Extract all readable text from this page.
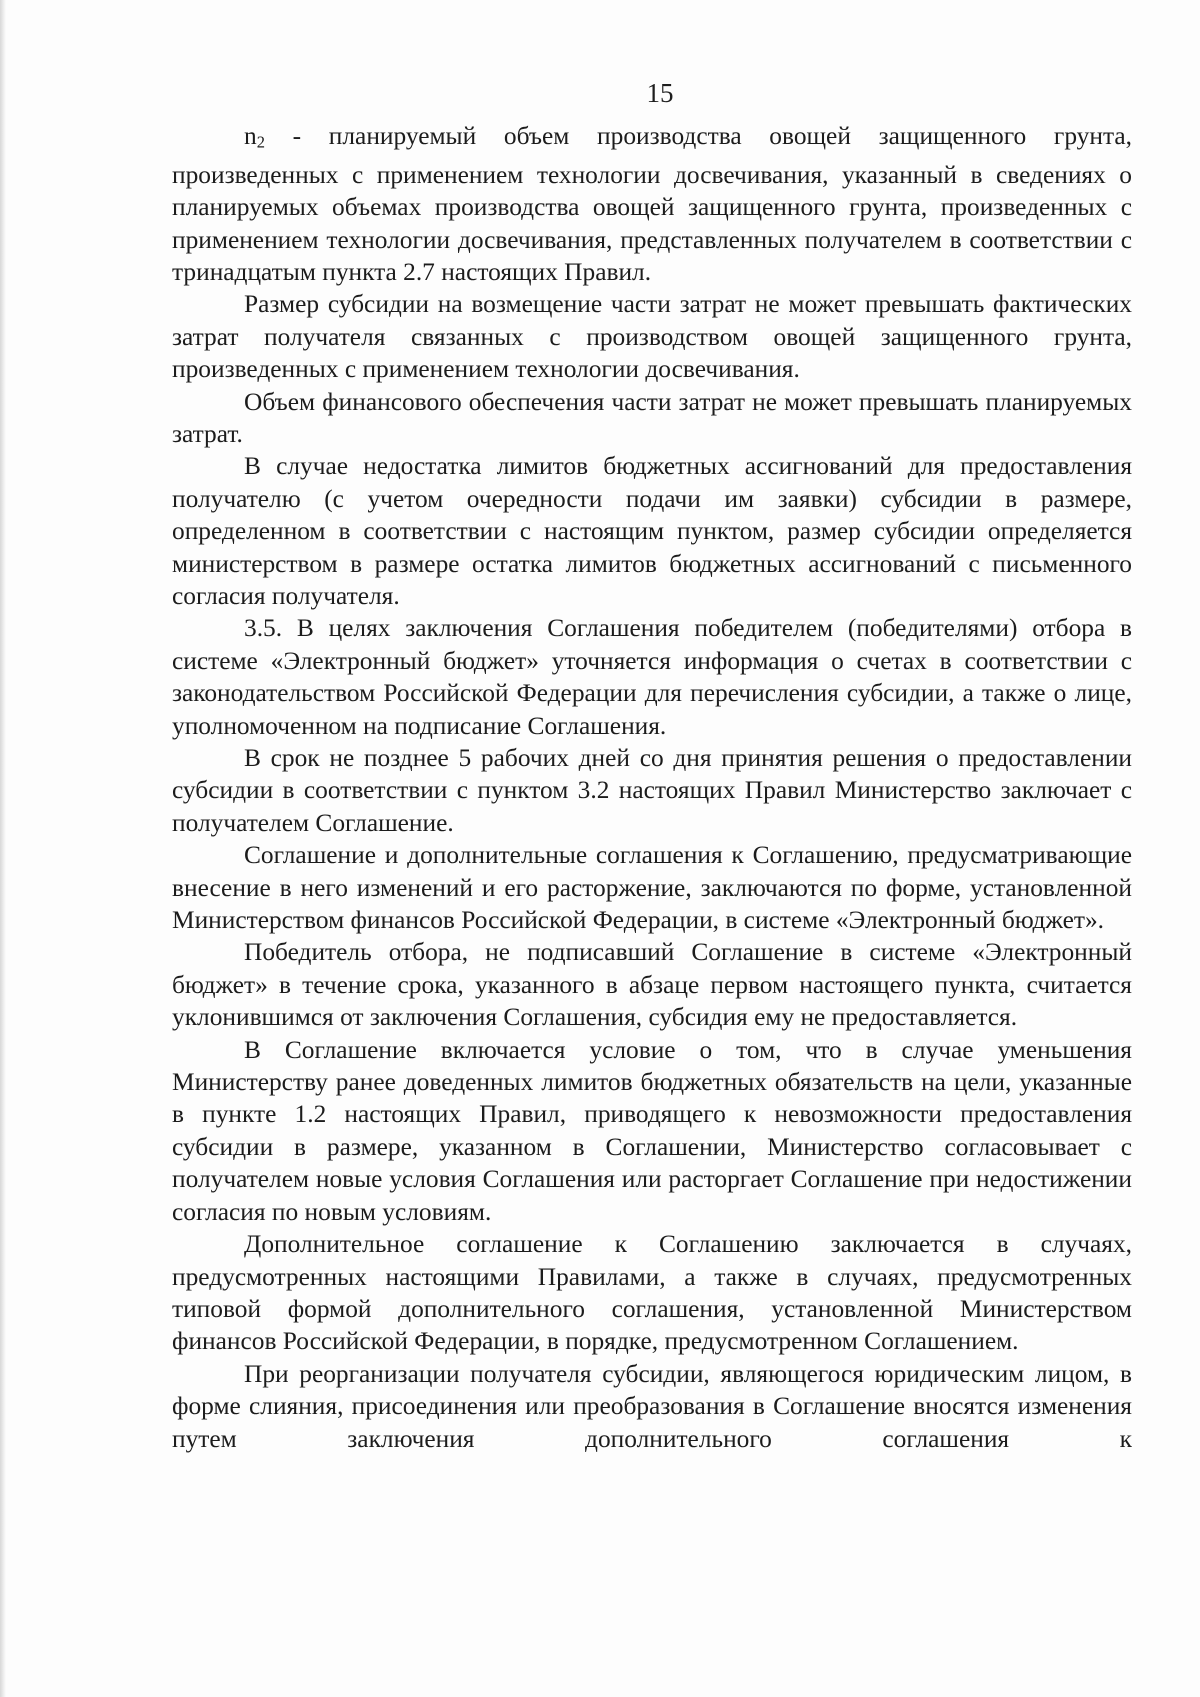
15

n2 - планируемый объем производства овощей защищенного грунта, произведенных с применением технологии досвечивания, указанный в сведениях о планируемых объемах производства овощей защищенного грунта, произведенных с применением технологии досвечивания, представленных получателем в соответствии с тринадцатым пункта 2.7 настоящих Правил.

Размер субсидии на возмещение части затрат не может превышать фактических затрат получателя связанных с производством овощей защищенного грунта, произведенных с применением технологии досвечивания.

Объем финансового обеспечения части затрат не может превышать планируемых затрат.

В случае недостатка лимитов бюджетных ассигнований для предоставления получателю (с учетом очередности подачи им заявки) субсидии в размере, определенном в соответствии с настоящим пунктом, размер субсидии определяется министерством в размере остатка лимитов бюджетных ассигнований с письменного согласия получателя.

3.5. В целях заключения Соглашения победителем (победителями) отбора в системе «Электронный бюджет» уточняется информация о счетах в соответствии с законодательством Российской Федерации для перечисления субсидии, а также о лице, уполномоченном на подписание Соглашения.

В срок не позднее 5 рабочих дней со дня принятия решения о предоставлении субсидии в соответствии с пунктом 3.2 настоящих Правил Министерство заключает с получателем Соглашение.

Соглашение и дополнительные соглашения к Соглашению, предусматривающие внесение в него изменений и его расторжение, заключаются по форме, установленной Министерством финансов Российской Федерации, в системе «Электронный бюджет».

Победитель отбора, не подписавший Соглашение в системе «Электронный бюджет» в течение срока, указанного в абзаце первом настоящего пункта, считается уклонившимся от заключения Соглашения, субсидия ему не предоставляется.

В Соглашение включается условие о том, что в случае уменьшения Министерству ранее доведенных лимитов бюджетных обязательств на цели, указанные в пункте 1.2 настоящих Правил, приводящего к невозможности предоставления субсидии в размере, указанном в Соглашении, Министерство согласовывает с получателем новые условия Соглашения или расторгает Соглашение при недостижении согласия по новым условиям.

Дополнительное соглашение к Соглашению заключается в случаях, предусмотренных настоящими Правилами, а также в случаях, предусмотренных типовой формой дополнительного соглашения, установленной Министерством финансов Российской Федерации, в порядке, предусмотренном Соглашением.

При реорганизации получателя субсидии, являющегося юридическим лицом, в форме слияния, присоединения или преобразования в Соглашение вносятся изменения путем заключения дополнительного соглашения к
